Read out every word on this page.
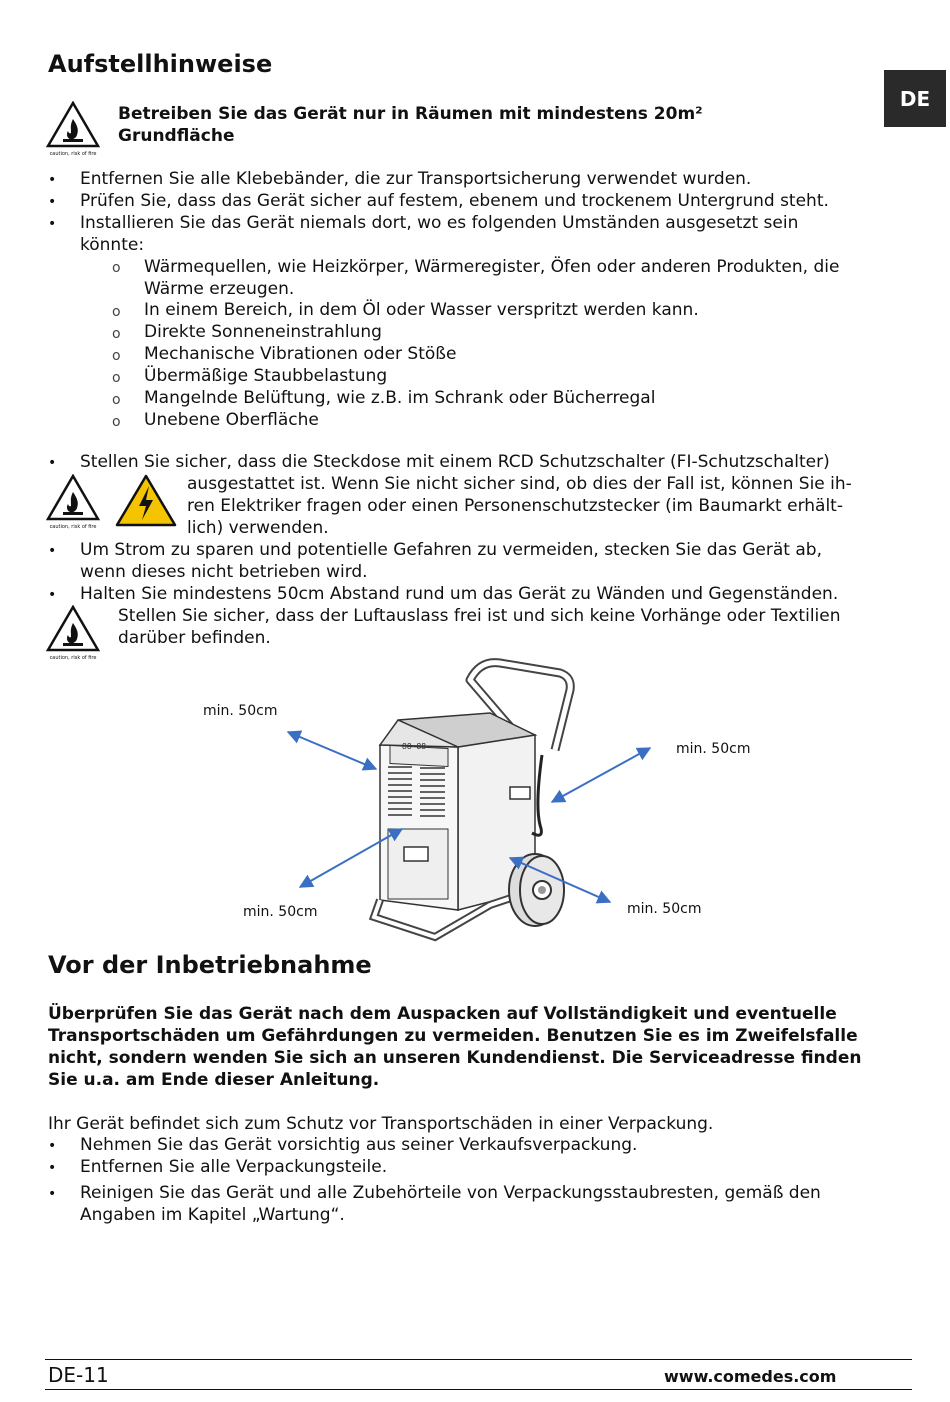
Aufstellhinweise
DE
caution, risk of fire
Betreiben Sie das Gerät nur in Räumen mit mindestens 20m²
Grundfläche
• Entfernen Sie alle Klebebänder, die zur Transportsicherung verwendet wurden.
• Prüfen Sie, dass das Gerät sicher auf festem, ebenem und trockenem Untergrund steht.
• Installieren Sie das Gerät niemals dort, wo es folgenden Umständen ausgesetzt sein
könnte:
o Wärmequellen, wie Heizkörper, Wärmeregister, Öfen oder anderen Produkten, die
Wärme erzeugen.
o In einem Bereich, in dem Öl oder Wasser verspritzt werden kann.
o Direkte Sonneneinstrahlung
o Mechanische Vibrationen oder Stöße
o Übermäßige Staubbelastung
o Mangelnde Belüftung, wie z.B. im Schrank oder Bücherregal
o Unebene Oberfläche
• Stellen Sie sicher, dass die Steckdose mit einem RCD Schutzschalter (FI-Schutzschalter)
ausgestattet ist. Wenn Sie nicht sicher sind, ob dies der Fall ist, können Sie ih-
ren Elektriker fragen oder einen Personenschutzstecker (im Baumarkt erhält-
lich) verwenden.
caution, risk of fire
• Um Strom zu sparen und potentielle Gefahren zu vermeiden, stecken Sie das Gerät ab,
wenn dieses nicht betrieben wird.
• Halten Sie mindestens 50cm Abstand rund um das Gerät zu Wänden und Gegenständen.
Stellen Sie sicher, dass der Luftauslass frei ist und sich keine Vorhänge oder Textilien
darüber befinden.
caution, risk of fire
88 88
min. 50cm
min. 50cm
min. 50cm	min. 50cm
Vor der Inbetriebnahme
Überprüfen Sie das Gerät nach dem Auspacken auf Vollständigkeit und eventuelle
Transportschäden um Gefährdungen zu vermeiden. Benutzen Sie es im Zweifelsfalle
nicht, sondern wenden Sie sich an unseren Kundendienst. Die Serviceadresse finden
Sie u.a. am Ende dieser Anleitung.
Ihr Gerät befindet sich zum Schutz vor Transportschäden in einer Verpackung.
• Nehmen Sie das Gerät vorsichtig aus seiner Verkaufsverpackung.
• Entfernen Sie alle Verpackungsteile.
• Reinigen Sie das Gerät und alle Zubehörteile von Verpackungsstaubresten, gemäß den
Angaben im Kapitel „Wartung“.
DE-11	www.comedes.com
